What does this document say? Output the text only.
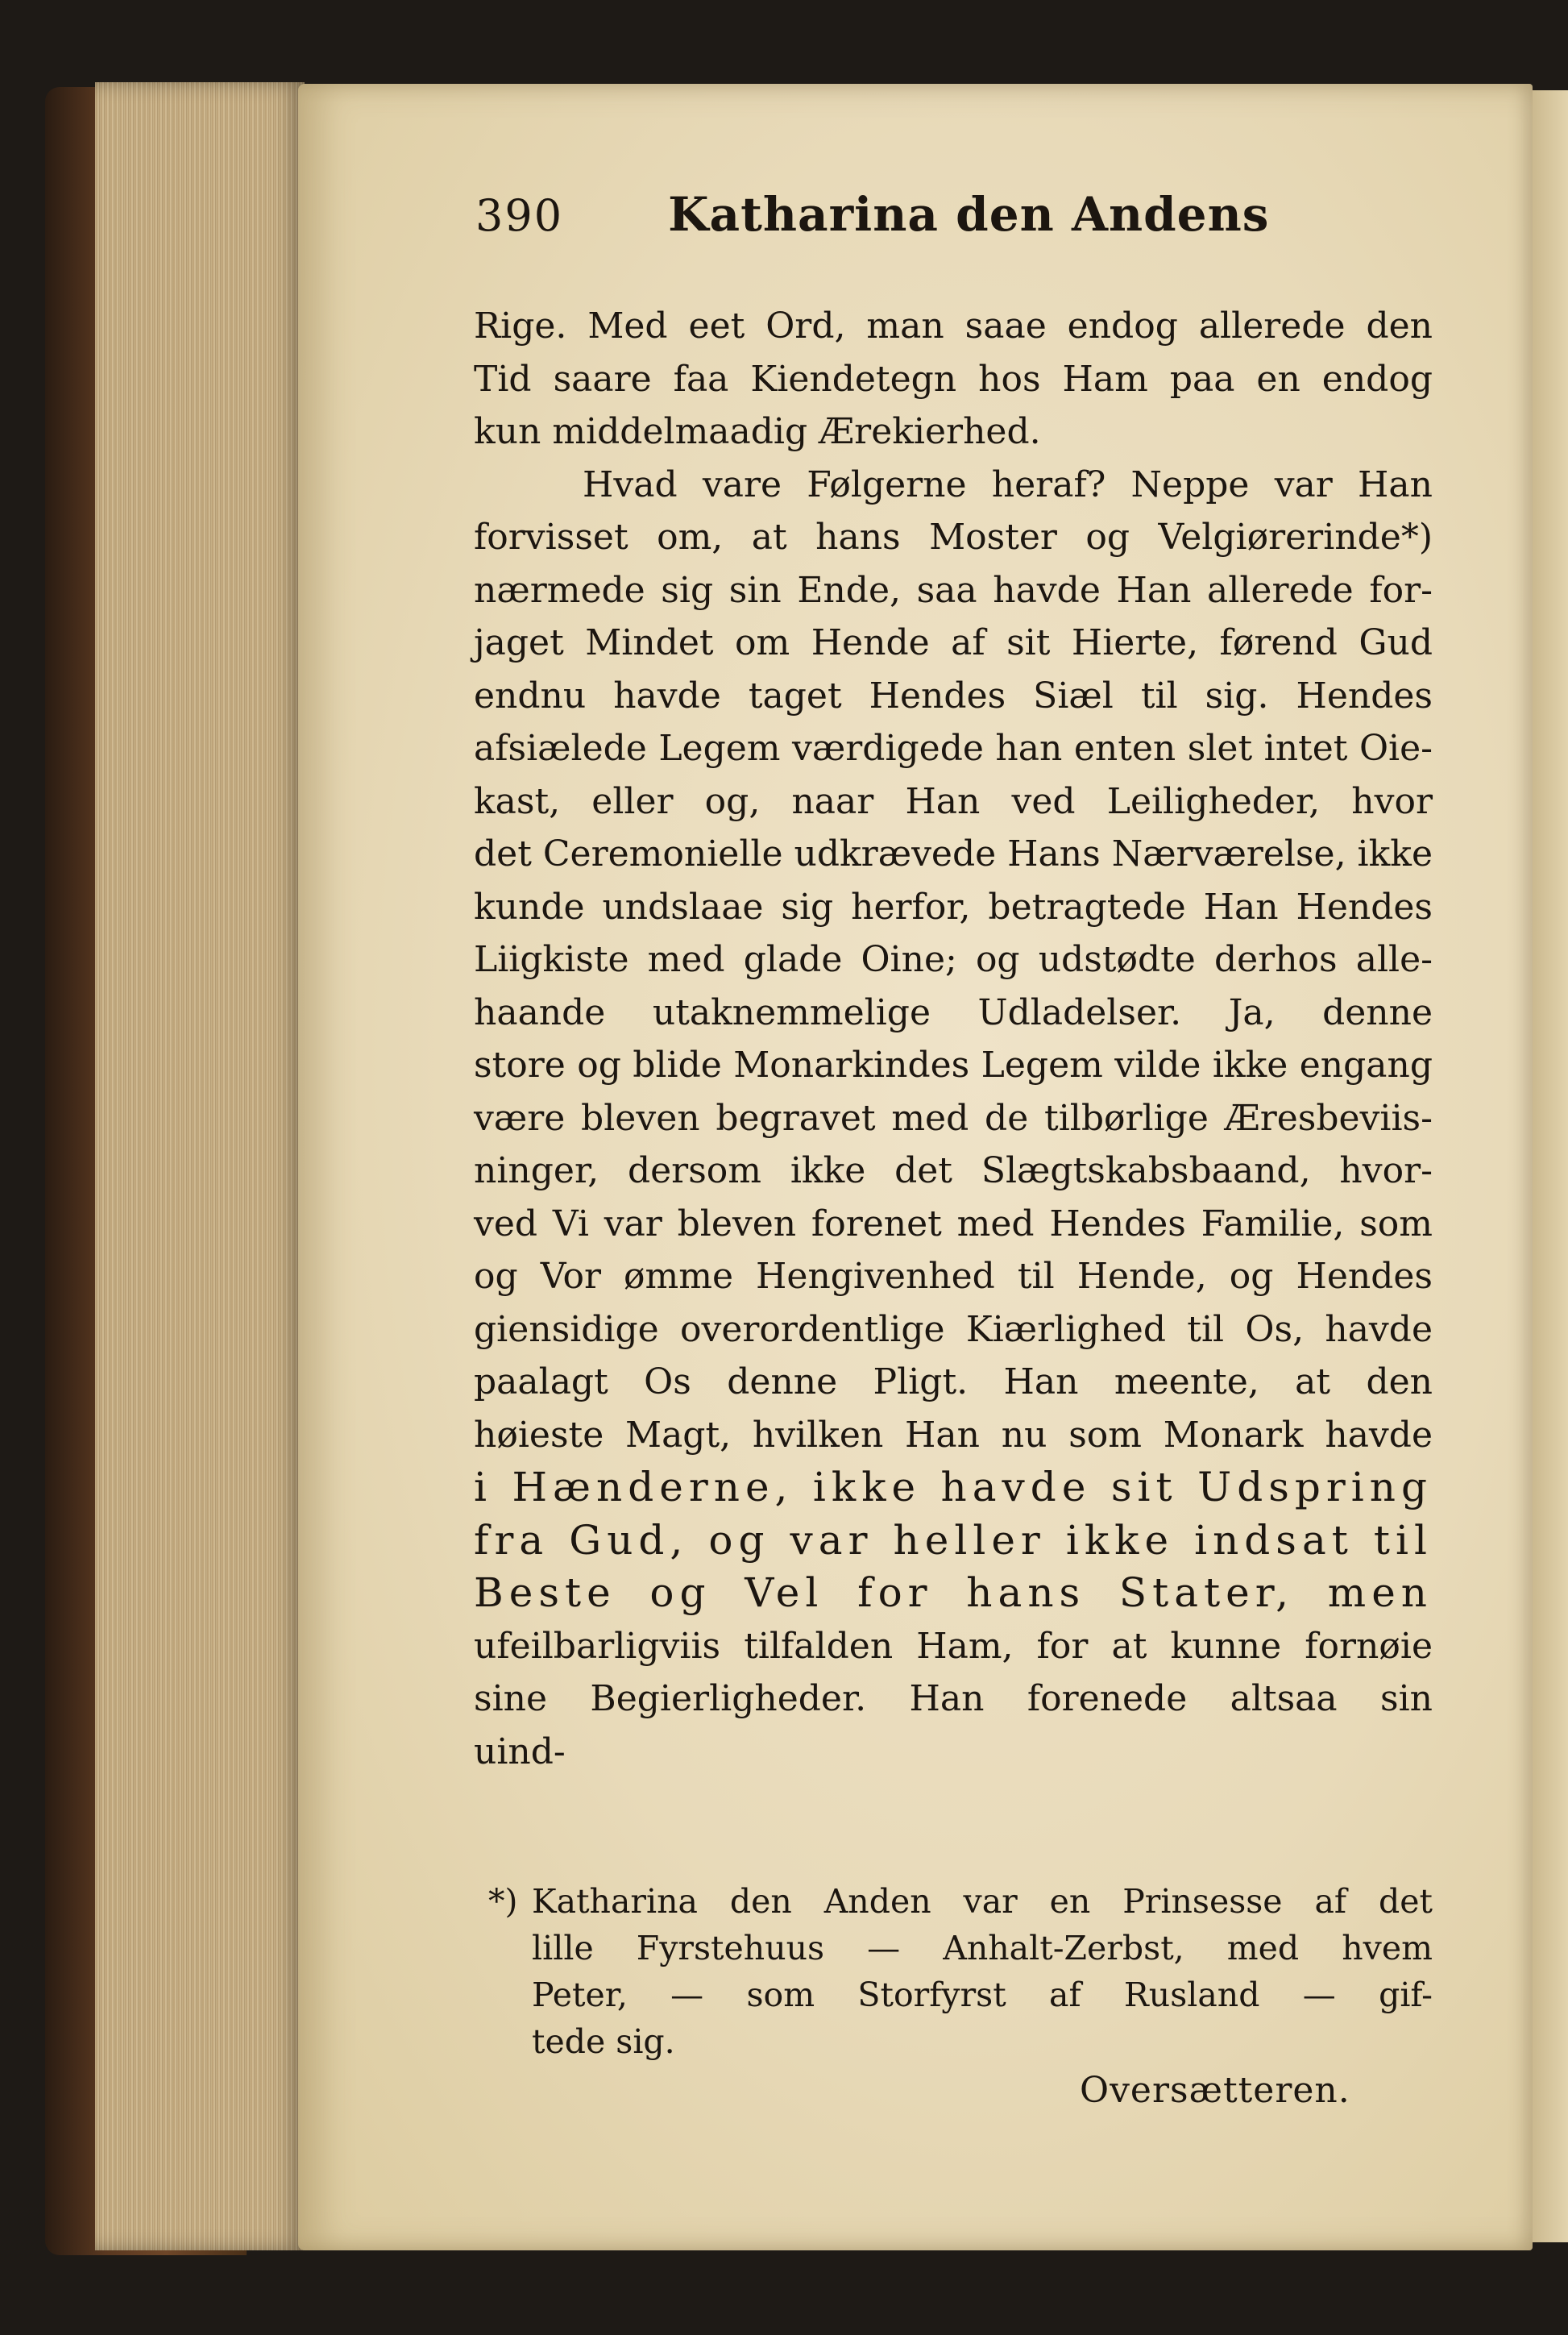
390 Katharina den Andens
Rige. Med eet Ord, man saae endog allerede den
Tid saare faa Kiendetegn hos Ham paa en endog
kun middelmaadig Ærekierhed.
Hvad vare Følgerne heraf? Neppe var Han
forvisset om, at hans Moster og Velgiørerinde*)
nærmede sig sin Ende, saa havde Han allerede for-
jaget Mindet om Hende af sit Hierte, førend Gud
endnu havde taget Hendes Siæl til sig. Hendes
afsiælede Legem værdigede han enten slet intet Oie-
kast, eller og, naar Han ved Leiligheder, hvor
det Ceremonielle udkrævede Hans Nærværelse, ikke
kunde undslaae sig herfor, betragtede Han Hendes
Liigkiste med glade Oine; og udstødte derhos alle-
haande utaknemmelige Udladelser. Ja, denne
store og blide Monarkindes Legem vilde ikke engang
være bleven begravet med de tilbørlige Æresbeviis-
ninger, dersom ikke det Slægtskabsbaand, hvor-
ved Vi var bleven forenet med Hendes Familie, som
og Vor ømme Hengivenhed til Hende, og Hendes
giensidige overordentlige Kiærlighed til Os, havde
paalagt Os denne Pligt. Han meente, at den
høieste Magt, hvilken Han nu som Monark havde
i Hænderne, ikke havde sit Udspring
fra Gud, og var heller ikke indsat til
Beste og Vel for hans Stater, men
ufeilbarligviis tilfalden Ham, for at kunne fornøie
sine Begierligheder. Han forenede altsaa sin
uind-
*) Katharina den Anden var en Prinsesse af det
lille Fyrstehuus — Anhalt-Zerbst, med hvem
Peter, — som Storfyrst af Rusland — gif-
tede sig.
Oversætteren.
